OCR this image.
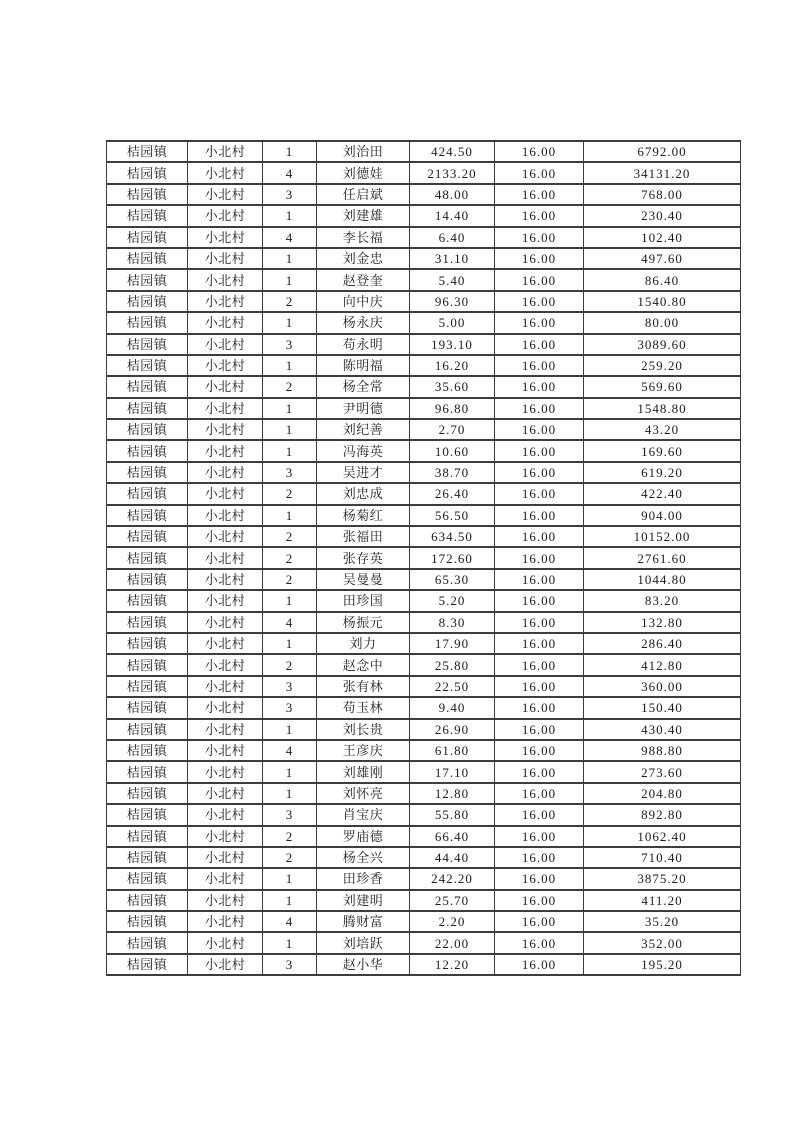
桔园镇	小北村	1	刘治田	424.50	16.00	6792.00
桔园镇	小北村	4	刘德娃	2133.20	16.00	34131.20
桔园镇	小北村	3	任启斌	48.00	16.00	768.00
桔园镇	小北村	1	刘建雄	14.40	16.00	230.40
桔园镇	小北村	4	李长福	6.40	16.00	102.40
桔园镇	小北村	1	刘金忠	31.10	16.00	497.60
桔园镇	小北村	1	赵登奎	5.40	16.00	86.40
桔园镇	小北村	2	向中庆	96.30	16.00	1540.80
桔园镇	小北村	1	杨永庆	5.00	16.00	80.00
桔园镇	小北村	3	苟永明	193.10	16.00	3089.60
桔园镇	小北村	1	陈明福	16.20	16.00	259.20
桔园镇	小北村	2	杨全常	35.60	16.00	569.60
桔园镇	小北村	1	尹明德	96.80	16.00	1548.80
桔园镇	小北村	1	刘纪善	2.70	16.00	43.20
桔园镇	小北村	1	冯海英	10.60	16.00	169.60
桔园镇	小北村	3	吴进才	38.70	16.00	619.20
桔园镇	小北村	2	刘忠成	26.40	16.00	422.40
桔园镇	小北村	1	杨菊红	56.50	16.00	904.00
桔园镇	小北村	2	张福田	634.50	16.00	10152.00
桔园镇	小北村	2	张存英	172.60	16.00	2761.60
桔园镇	小北村	2	吴曼曼	65.30	16.00	1044.80
桔园镇	小北村	1	田珍国	5.20	16.00	83.20
桔园镇	小北村	4	杨振元	8.30	16.00	132.80
桔园镇	小北村	1	刘力	17.90	16.00	286.40
桔园镇	小北村	2	赵念中	25.80	16.00	412.80
桔园镇	小北村	3	张有林	22.50	16.00	360.00
桔园镇	小北村	3	苟玉林	9.40	16.00	150.40
桔园镇	小北村	1	刘长贵	26.90	16.00	430.40
桔园镇	小北村	4	王彦庆	61.80	16.00	988.80
桔园镇	小北村	1	刘雄刚	17.10	16.00	273.60
桔园镇	小北村	1	刘怀亮	12.80	16.00	204.80
桔园镇	小北村	3	肖宝庆	55.80	16.00	892.80
桔园镇	小北村	2	罗庙德	66.40	16.00	1062.40
桔园镇	小北村	2	杨全兴	44.40	16.00	710.40
桔园镇	小北村	1	田珍香	242.20	16.00	3875.20
桔园镇	小北村	1	刘建明	25.70	16.00	411.20
桔园镇	小北村	4	腾财富	2.20	16.00	35.20
桔园镇	小北村	1	刘培跃	22.00	16.00	352.00
桔园镇	小北村	3	赵小华	12.20	16.00	195.20
